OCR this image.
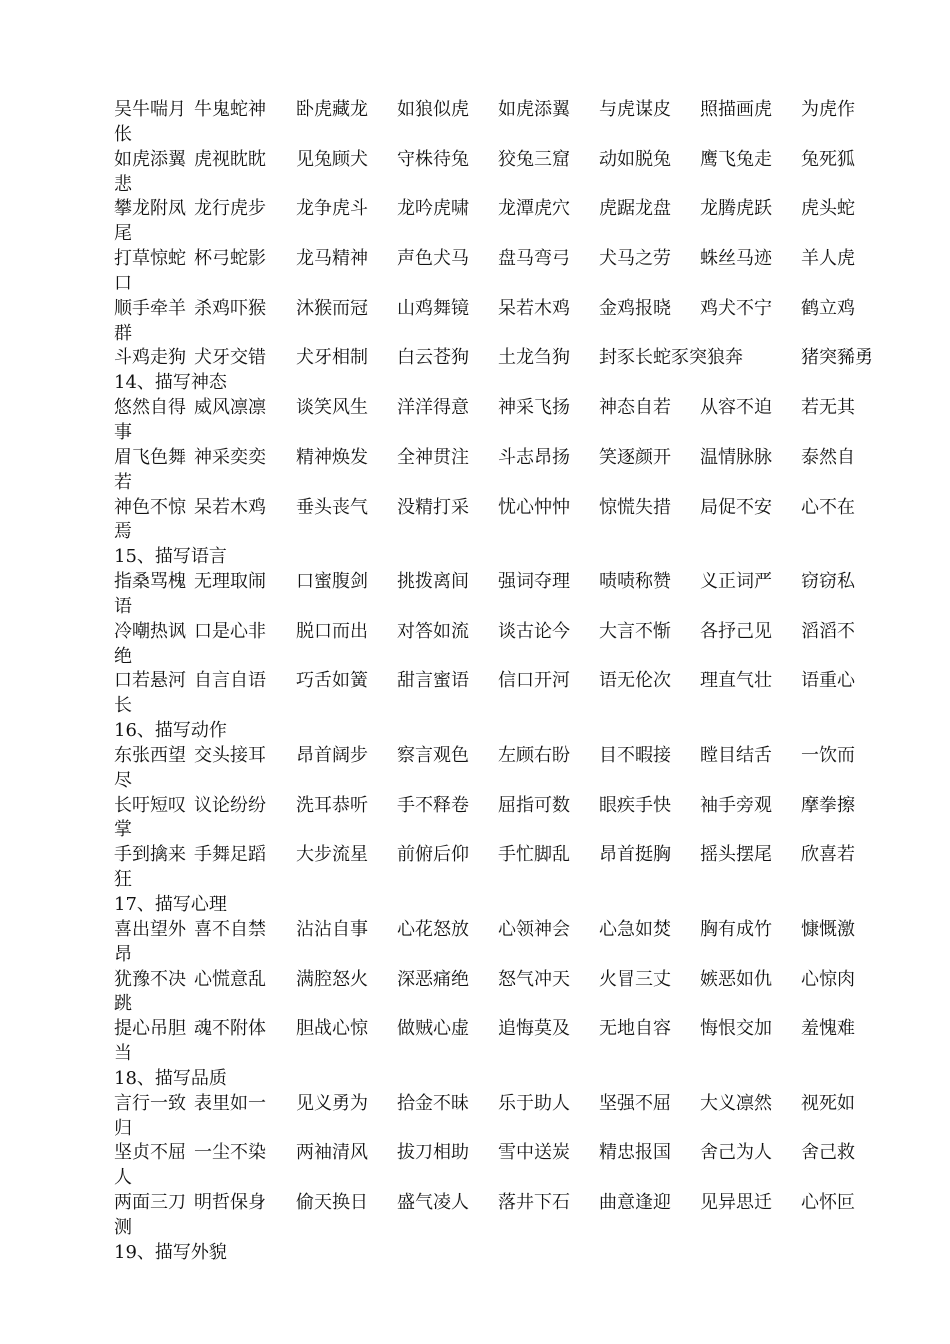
吴牛喘月 牛鬼蛇神 卧虎藏龙 如狼似虎 如虎添翼 与虎谋皮 照描画虎 为虎作
伥
如虎添翼 虎视眈眈 见兔顾犬 守株待兔 狡兔三窟 动如脱兔 鹰飞兔走 兔死狐
悲
攀龙附凤 龙行虎步 龙争虎斗 龙吟虎啸 龙潭虎穴 虎踞龙盘 龙腾虎跃 虎头蛇
尾
打草惊蛇 杯弓蛇影 龙马精神 声色犬马 盘马弯弓 犬马之劳 蛛丝马迹 羊人虎
口
顺手牵羊 杀鸡吓猴 沐猴而冠 山鸡舞镜 呆若木鸡 金鸡报晓 鸡犬不宁 鹤立鸡
群
斗鸡走狗 犬牙交错 犬牙相制 白云苍狗 土龙刍狗 封豕长蛇豕突狼奔	猪突豨勇
14、描写神态
悠然自得 威风凛凛 谈笑风生 洋洋得意 神采飞扬 神态自若 从容不迫 若无其
事
眉飞色舞 神采奕奕 精神焕发 全神贯注 斗志昂扬 笑逐颜开 温情脉脉 泰然自
若
神色不惊 呆若木鸡 垂头丧气 没精打采 忧心忡忡 惊慌失措 局促不安 心不在
焉
15、描写语言
指桑骂槐 无理取闹 口蜜腹剑 挑拨离间 强词夺理 啧啧称赞 义正词严 窃窃私
语
冷嘲热讽 口是心非 脱口而出 对答如流 谈古论今 大言不惭 各抒己见 滔滔不
绝
口若悬河 自言自语 巧舌如簧 甜言蜜语 信口开河 语无伦次 理直气壮 语重心
长
16、描写动作
东张西望 交头接耳 昂首阔步 察言观色 左顾右盼 目不暇接 瞠目结舌 一饮而
尽
长吁短叹 议论纷纷 洗耳恭听 手不释卷 屈指可数 眼疾手快 袖手旁观 摩拳擦
掌
手到擒来 手舞足蹈 大步流星 前俯后仰 手忙脚乱 昂首挺胸 摇头摆尾 欣喜若
狂
17、描写心理
喜出望外 喜不自禁 沾沾自事 心花怒放 心领神会 心急如焚 胸有成竹 慷慨激
昂
犹豫不决 心慌意乱 满腔怒火 深恶痛绝 怒气冲天 火冒三丈 嫉恶如仇 心惊肉
跳
提心吊胆 魂不附体 胆战心惊 做贼心虚 追悔莫及 无地自容 悔恨交加 羞愧难
当
18、描写品质
言行一致 表里如一 见义勇为 拾金不昧 乐于助人 坚强不屈 大义凛然 视死如
归
坚贞不屈 一尘不染 两袖清风 拔刀相助 雪中送炭 精忠报国 舍己为人 舍己救
人
两面三刀 明哲保身 偷天换日 盛气凌人 落井下石 曲意逢迎 见异思迁 心怀叵
测
19、描写外貌
